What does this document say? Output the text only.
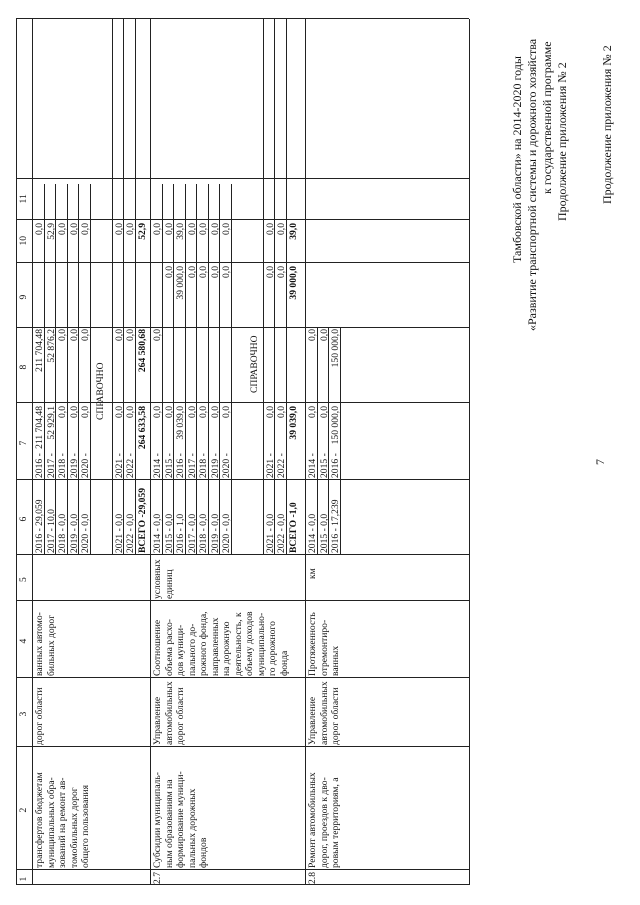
Продолжение приложения № 2
Продолжение приложения № 2
к государственной программе
«Развитие транспортной системы и дорожного хозяйства
Тамбовской области» на 2014-2020 годы
7
1
2
3
4
5
6
7
8
9
10
11
трансфертов бюджетам муниципальных обра- зований на ремонт ав- томобильных дорог общего пользования
дорог области
ванных автомо- бильных дорог
2016 - 29,059 2017 - 10,0 2018 - 0,0 2019 - 0,0 2020 - 0,0
2016 - 2017 - 2018 - 2019 - 2020 -
211 704,48 52 929,1 0,0 0,0 0,0
211 704,48 52 876,2 0,0 0,0 0,0
0,0 52,9 0,0 0,0 0,0
СПРАВОЧНО
2021 - 0,0 2022 - 0,0
2021 - 2022 -
0,0 0,0
0,0 0,0
0,0 0,0
ВСЕГО -29,059
264 633,58
264 580,68
52,9
2.7
Субсидии муниципаль- ным образованиям на формирование муници- пальных дорожных фондов
Управление автомобильных дорог области
Соотношение объема расхо- дов муници- пального до- рожного фонда, направленных на дорожную деятельность, к объему доходов муниципально- го дорожного фонда
условных единиц
2014 - 0,0 2015 - 0,0 2016 - 1,0 2017 - 0,0 2018 - 0,0 2019 - 0,0 2020 - 0,0
2014 - 2015 - 2016 - 2017 - 2018 - 2019 - 2020 -
0,0 0,0 39 039,0 0,0 0,0 0,0 0,0
0,0
0,0 39 000,0 0,0 0,0 0,0 0,0
0,0 0,0 39,0 0,0 0,0 0,0 0,0
СПРАВОЧНО
2021 - 0,0 2022 - 0,0
2021 - 2022 -
0,0 0,0
0,0 0,0
0,0 0,0
ВСЕГО -1,0
39 039,0
39 000,0
39,0
2.8
Ремонт автомобильных дорог, проездов к дво- ровым территориям, а
Управление автомобильных дорог области
Протяженность отремонтиро- ванных
км
2014 - 0,0 2015 - 0,0 2016 - 17,239
2014 - 2015 - 2016 -
0,0 0,0 150 000,0
0,0 0,0 150 000,0
